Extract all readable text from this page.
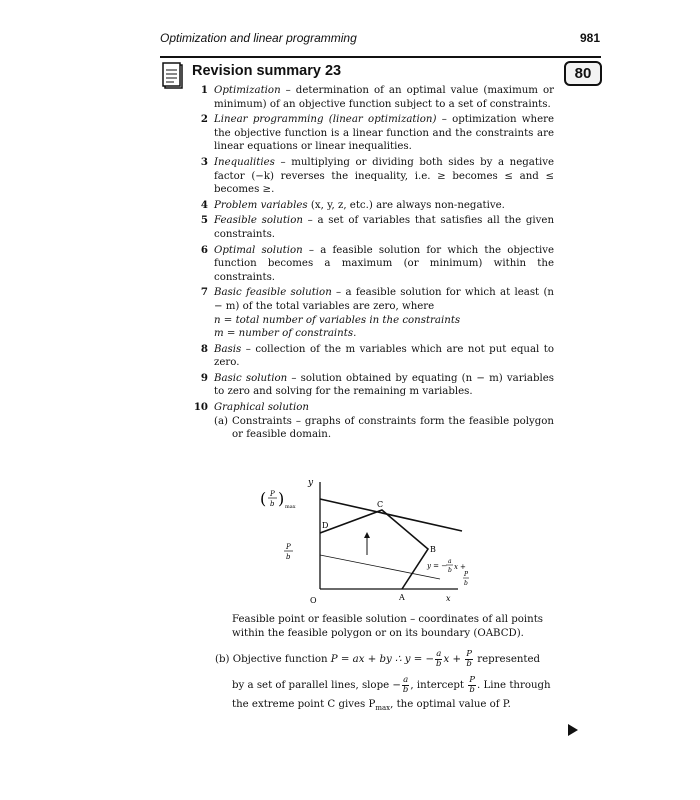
Optimization and linear programming	981
Revision summary 23	80
1 Optimization – determination of an optimal value (maximum or minimum) of an objective function subject to a set of constraints.
2 Linear programming (linear optimization) – optimization where the objective function is a linear function and the constraints are linear equations or linear inequalities.
3 Inequalities – multiplying or dividing both sides by a negative factor (−k) reverses the inequality, i.e. ≥ becomes ≤ and ≤ becomes ≥.
4 Problem variables (x, y, z, etc.) are always non-negative.
5 Feasible solution – a set of variables that satisfies all the given constraints.
6 Optimal solution – a feasible solution for which the objective function becomes a maximum (or minimum) within the constraints.
7 Basic feasible solution – a feasible solution for which at least (n − m) of the total variables are zero, where
n = total number of variables in the constraints
m = number of constraints.
8 Basis – collection of the m variables which are not put equal to zero.
9 Basic solution – solution obtained by equating (n − m) variables to zero and solving for the remaining m variables.
10 Graphical solution
(a) Constraints – graphs of constraints form the feasible polygon or feasible domain.
y
x
O	A
B
C
D
( P
b ) max
P
b
y = −
a
b x +
P
b
Feasible point or feasible solution – coordinates of all points within the feasible polygon or on its boundary (OABCD).
(b) Objective function P = ax + by ∴ y = − $\frac{a}{b}$ $x + \frac{P}{b}$ represented
by a set of parallel lines, slope − $\frac{a}{b}$ , intercept $\frac{P}{b}$ . Line through
the extreme point C gives $P_{max}$, the optimal value of P.
